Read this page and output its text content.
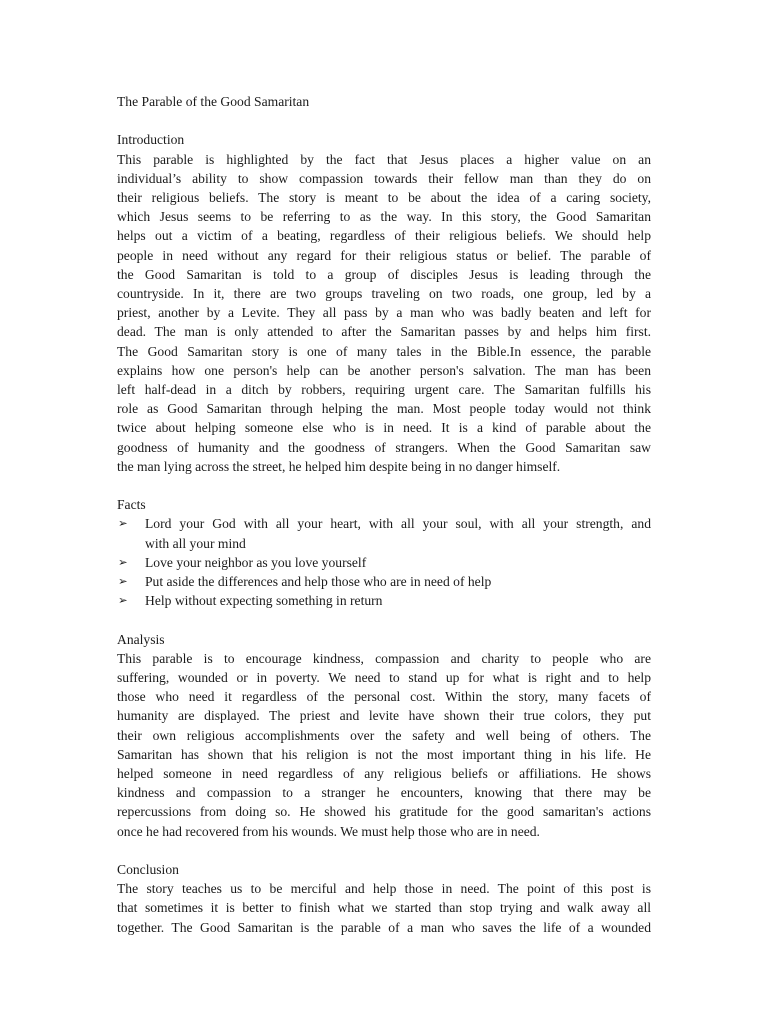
The Parable of the Good Samaritan
Introduction
This parable is highlighted by the fact that Jesus places a higher value on an
individual’s ability to show compassion towards their fellow man than they do on
their religious beliefs. The story is meant to be about the idea of a caring society,
which Jesus seems to be referring to as the way. In this story, the Good Samaritan
helps out a victim of a beating, regardless of their religious beliefs. We should help
people in need without any regard for their religious status or belief. The parable of
the Good Samaritan is told to a group of disciples Jesus is leading through the
countryside. In it, there are two groups traveling on two roads, one group, led by a
priest, another by a Levite. They all pass by a man who was badly beaten and left for
dead. The man is only attended to after the Samaritan passes by and helps him first.
The Good Samaritan story is one of many tales in the Bible.In essence, the parable
explains how one person's help can be another person's salvation. The man has been
left half-dead in a ditch by robbers, requiring urgent care. The Samaritan fulfills his
role as Good Samaritan through helping the man. Most people today would not think
twice about helping someone else who is in need. It is a kind of parable about the
goodness of humanity and the goodness of strangers. When the Good Samaritan saw
the man lying across the street, he helped him despite being in no danger himself.
Facts
➢	Lord your God with all your heart, with all your soul, with all your strength, and
with all your mind
➢	Love your neighbor as you love yourself
➢	Put aside the differences and help those who are in need of help
➢	Help without expecting something in return
Analysis
This parable is to encourage kindness, compassion and charity to people who are
suffering, wounded or in poverty. We need to stand up for what is right and to help
those who need it regardless of the personal cost. Within the story, many facets of
humanity are displayed. The priest and levite have shown their true colors, they put
their own religious accomplishments over the safety and well being of others. The
Samaritan has shown that his religion is not the most important thing in his life. He
helped someone in need regardless of any religious beliefs or affiliations. He shows
kindness and compassion to a stranger he encounters, knowing that there may be
repercussions from doing so. He showed his gratitude for the good samaritan's actions
once he had recovered from his wounds. We must help those who are in need.
Conclusion
The story teaches us to be merciful and help those in need. The point of this post is
that sometimes it is better to finish what we started than stop trying and walk away all
together. The Good Samaritan is the parable of a man who saves the life of a wounded
